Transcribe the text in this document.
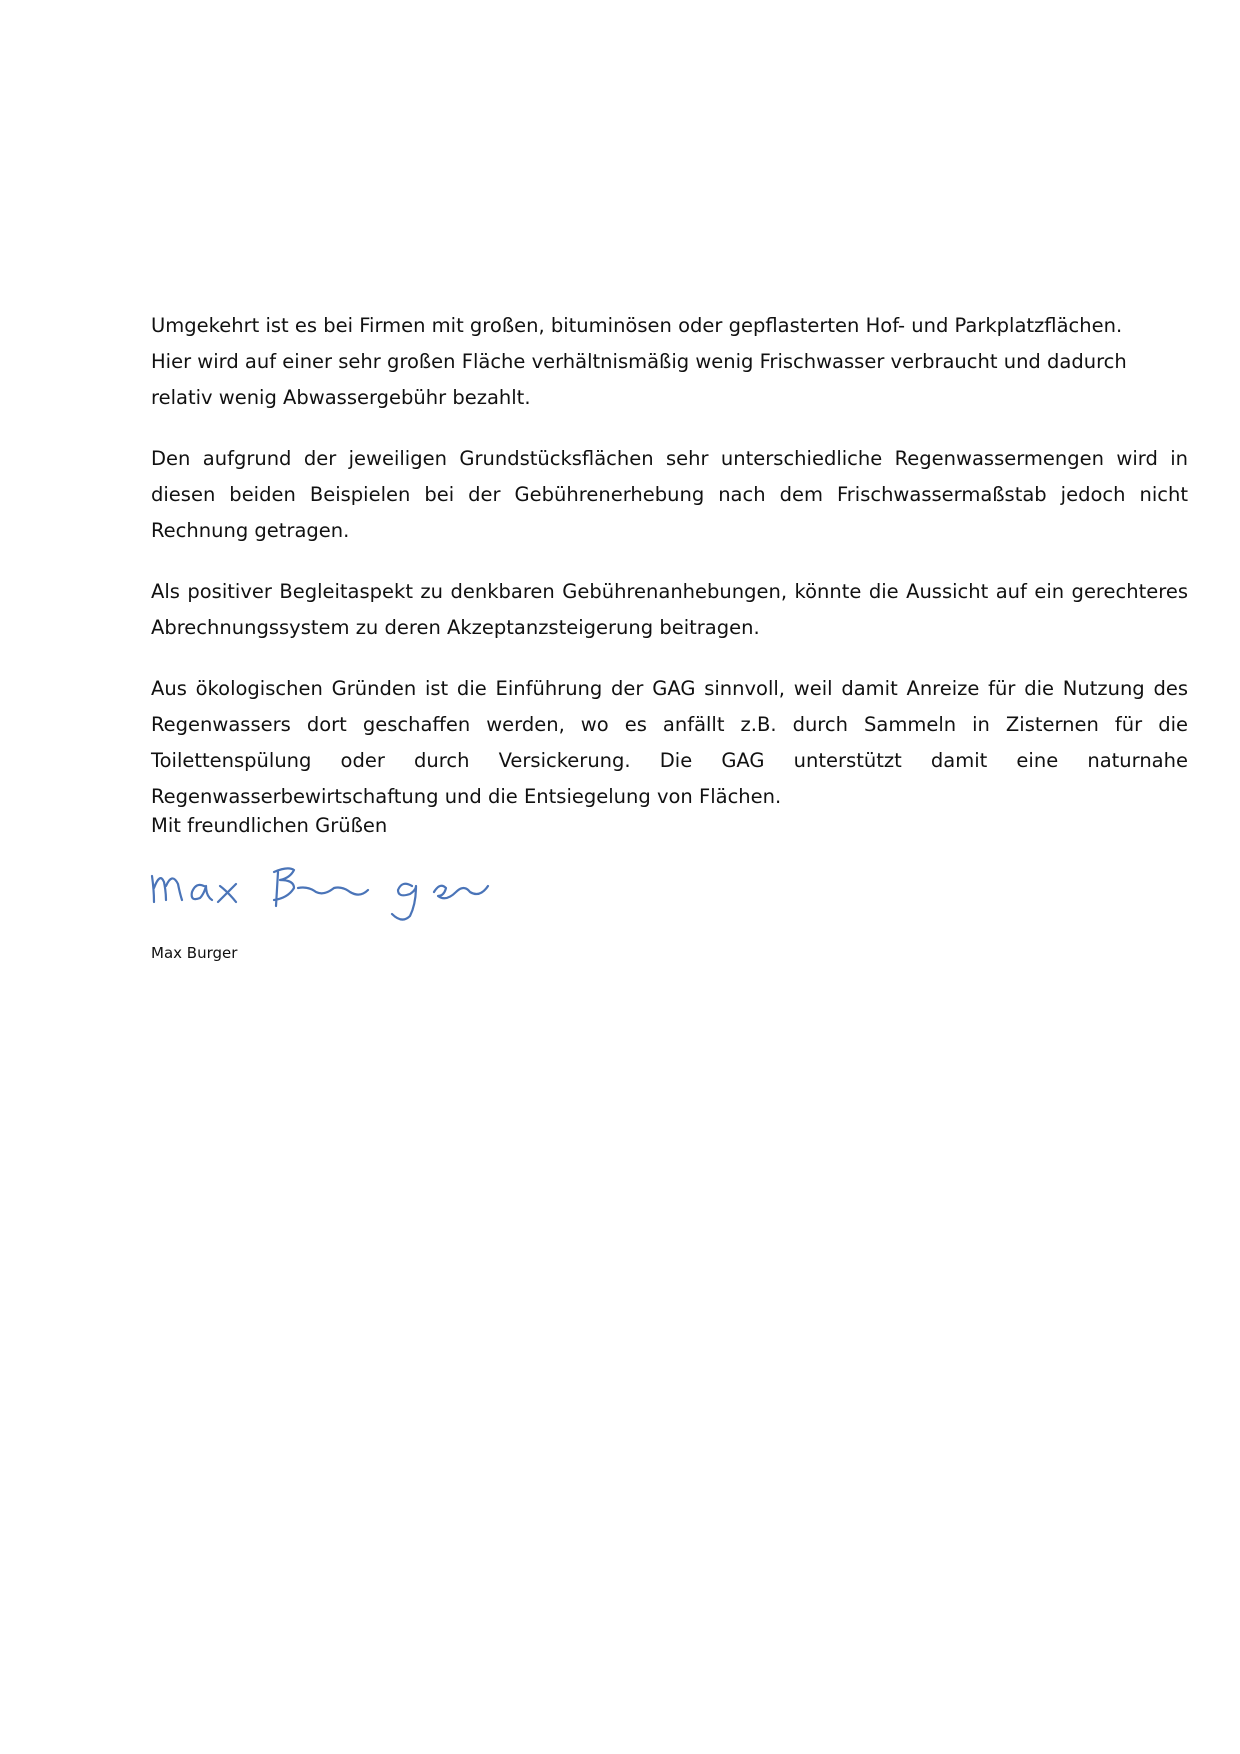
Umgekehrt ist es bei Firmen mit großen, bituminösen oder gepflasterten Hof- und Parkplatzflächen.
Hier wird auf einer sehr großen Fläche verhältnismäßig wenig Frischwasser verbraucht und dadurch relativ wenig Abwassergebühr bezahlt.

Den aufgrund der jeweiligen Grundstücksflächen sehr unterschiedliche Regenwassermengen wird in diesen beiden Beispielen bei der Gebührenerhebung nach dem Frischwassermaßstab jedoch nicht Rechnung getragen.

Als positiver Begleitaspekt zu denkbaren Gebührenanhebungen, könnte die Aussicht auf ein gerechteres Abrechnungssystem zu deren Akzeptanzsteigerung beitragen.

Aus ökologischen Gründen ist die Einführung der GAG sinnvoll, weil damit Anreize für die Nutzung des Regenwassers dort geschaffen werden, wo es anfällt z.B. durch Sammeln in Zisternen für die Toilettenspülung oder durch Versickerung. Die GAG unterstützt damit eine naturnahe Regenwasserbewirtschaftung und die Entsiegelung von Flächen.

Mit freundlichen Grüßen

Max Burger
